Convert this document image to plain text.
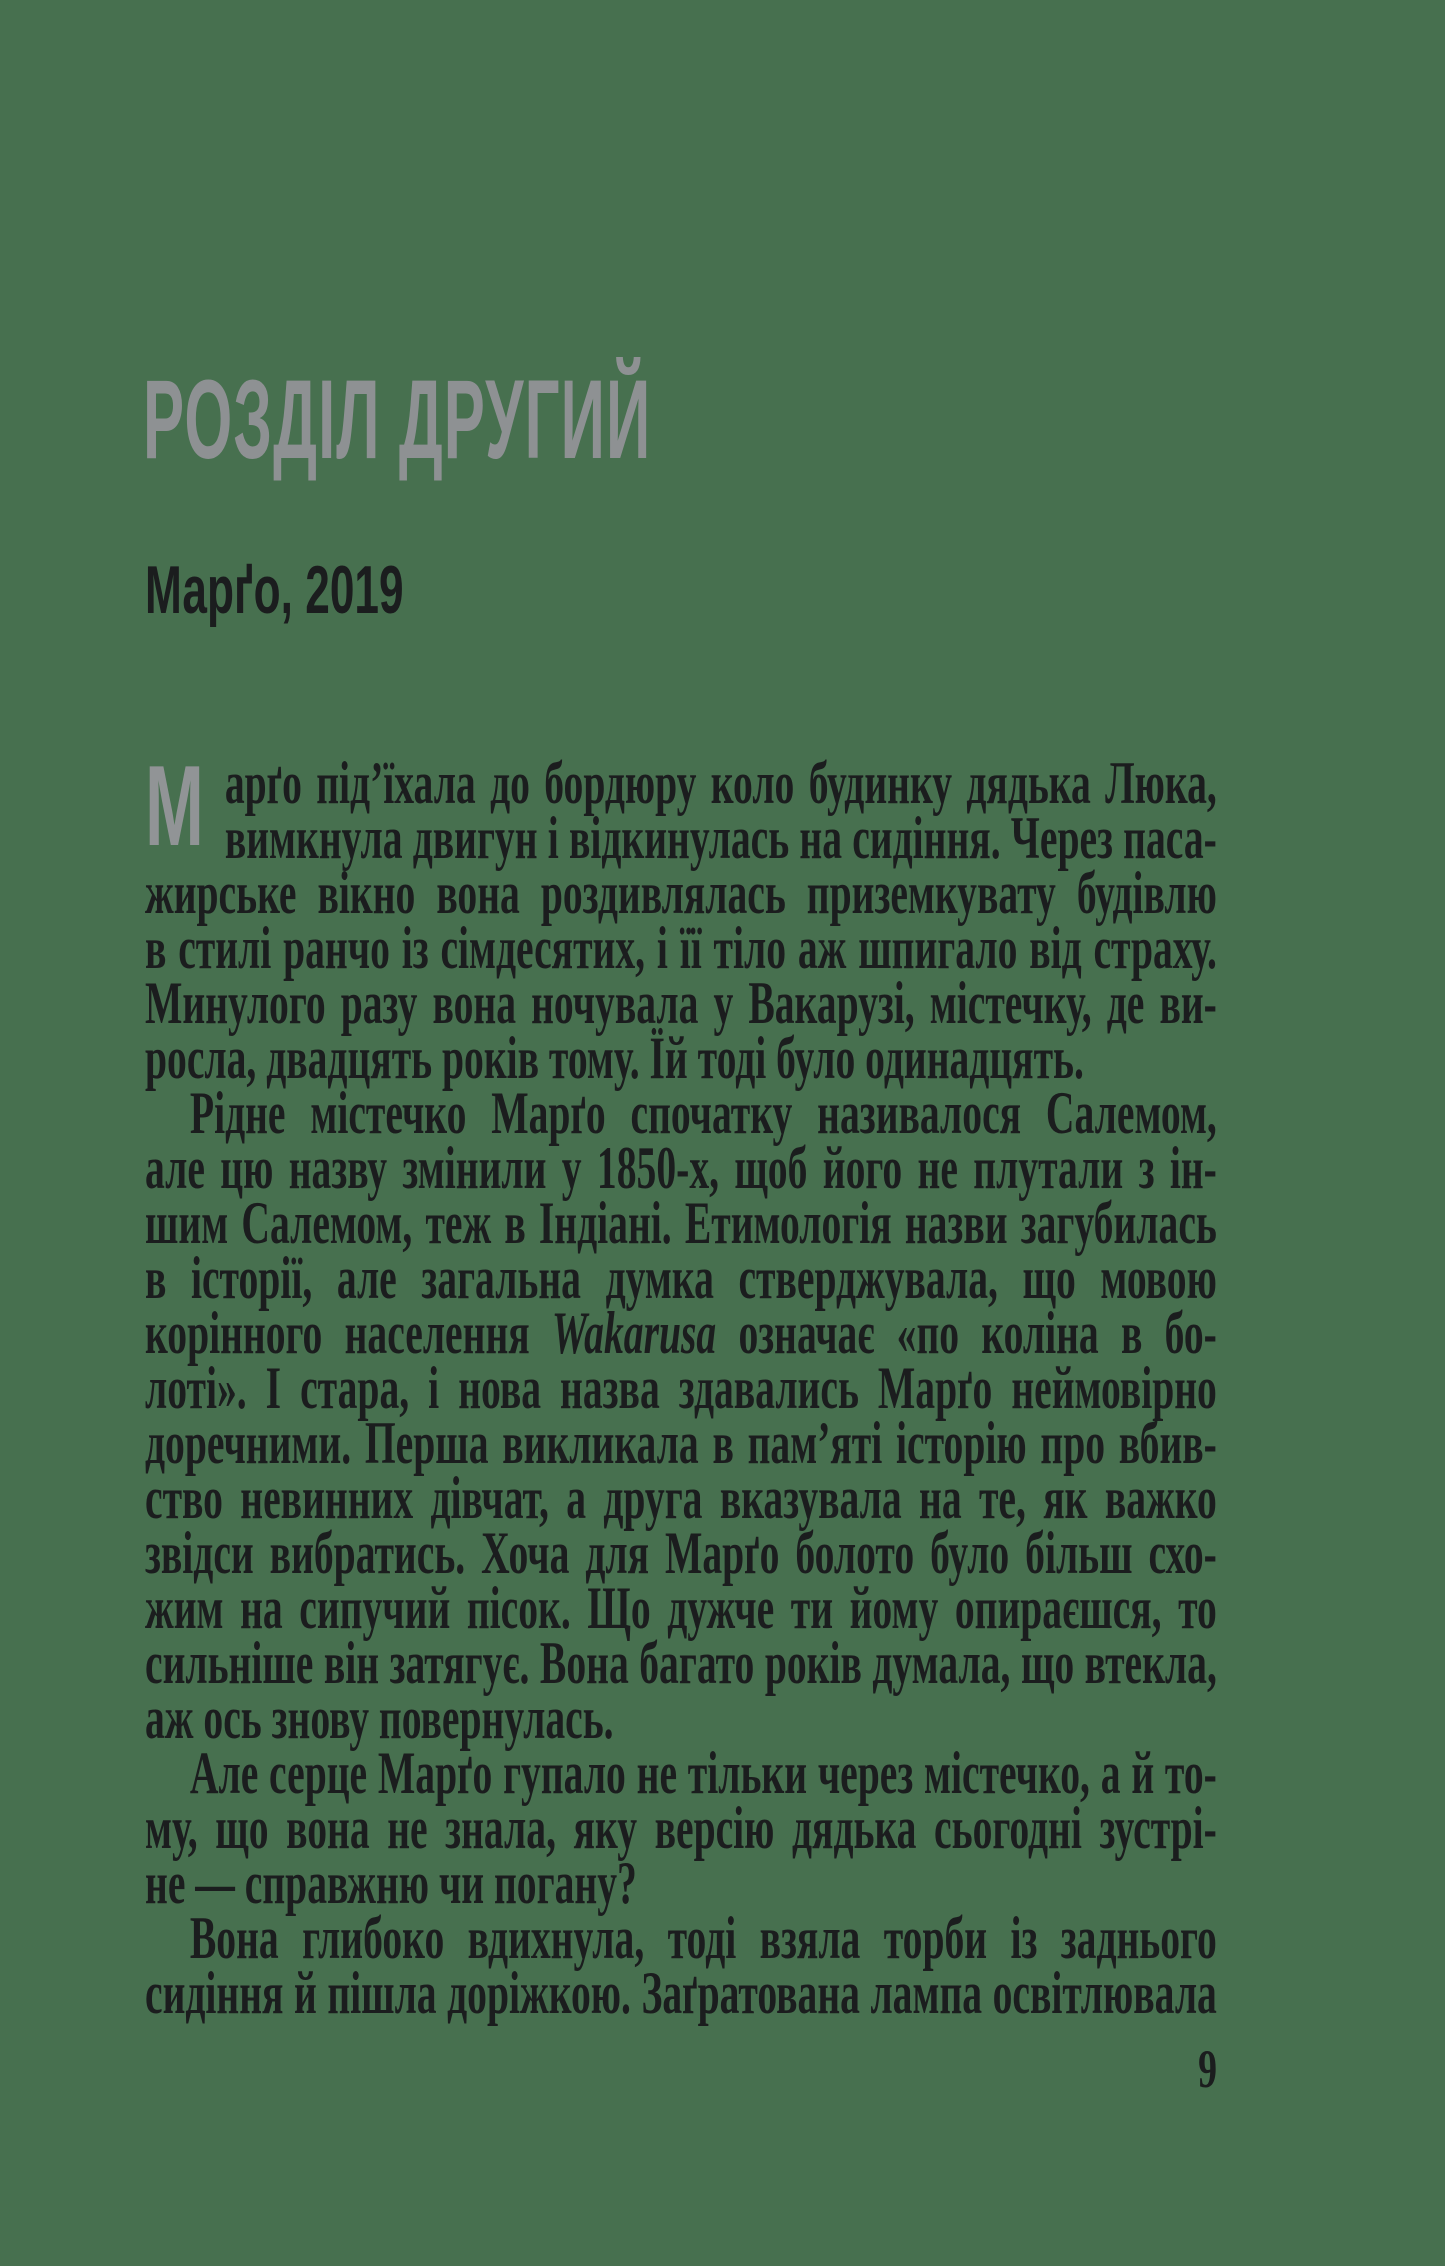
РОЗДІЛ ДРУГИЙ
Марґо, 2019
М арґо під’їхала до бордюру коло будинку дядька Люка,
вимкнула двигун і відкинулась на сидіння. Через паса-
жирське вікно вона роздивлялась приземкувату будівлю
в стилі ранчо із сімдесятих, і її тіло аж шпигало від страху.
Минулого разу вона ночувала у Вакарузі, містечку, де ви-
росла, двадцять років тому. Їй тоді було одинадцять.
Рідне містечко Марґо спочатку називалося Салемом,
але цю назву змінили у 1850-х, щоб його не плутали з ін-
шим Салемом, теж в Індіані. Етимологія назви загубилась
в історії, але загальна думка стверджувала, що мовою
корінного населення Wakarusa означає «по коліна в бо-
лоті». І стара, і нова назва здавались Марґо неймовірно
доречними. Перша викликала в пам’яті історію про вбив-
ство невинних дівчат, а друга вказувала на те, як важко
звідси вибратись. Хоча для Марґо болото було більш схо-
жим на сипучий пісок. Що дужче ти йому опираєшся, то
сильніше він затягує. Вона багато років думала, що втекла,
аж ось знову повернулась.
Але серце Марґо гупало не тільки через містечко, а й то-
му, що вона не знала, яку версію дядька сьогодні зустрі-
не — справжню чи погану?
Вона глибоко вдихнула, тоді взяла торби із заднього
сидіння й пішла доріжкою. Заґратована лампа освітлювала
9
